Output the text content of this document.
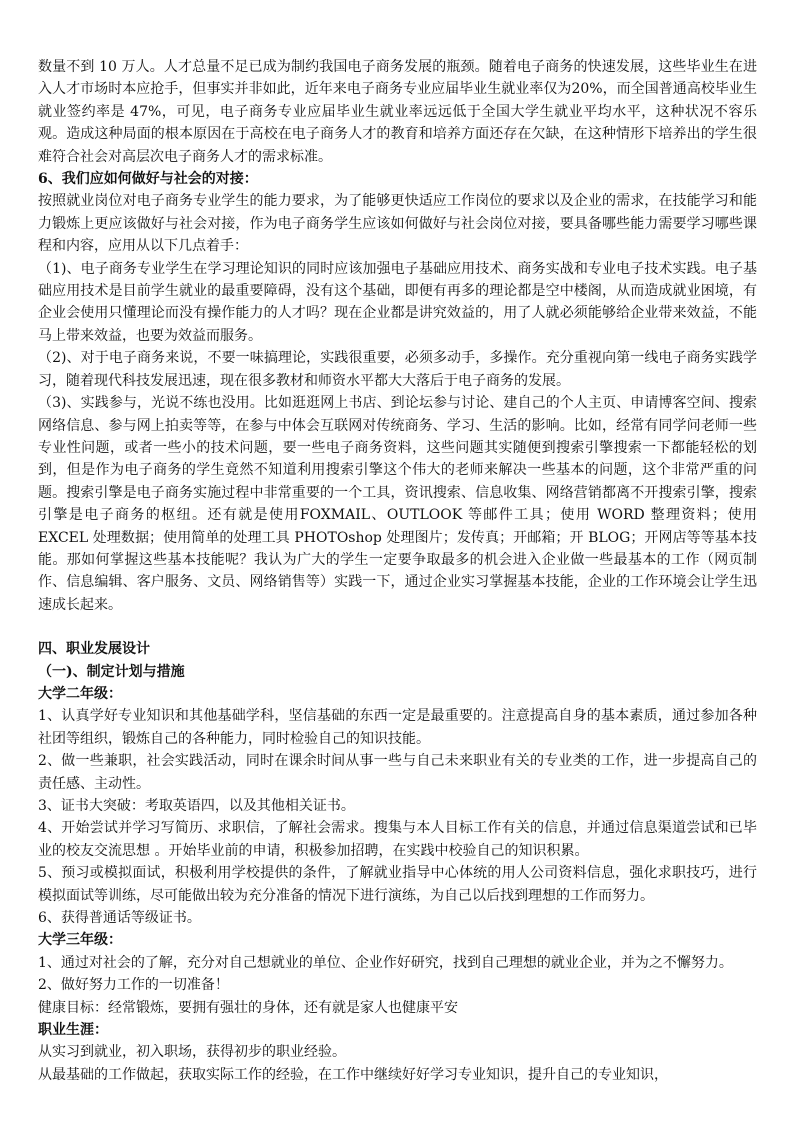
数量不到 10 万人。人才总量不足已成为制约我国电子商务发展的瓶颈。随着电子商务的快速发展，这些毕业生在进入人才市场时本应抢手，但事实并非如此，近年来电子商务专业应届毕业生就业率仅为20%，而全国普通高校毕业生就业签约率是 47%，可见，电子商务专业应届毕业生就业率远远低于全国大学生就业平均水平，这种状况不容乐观。造成这种局面的根本原因在于高校在电子商务人才的教育和培养方面还存在欠缺，在这种情形下培养出的学生很难符合社会对高层次电子商务人才的需求标准。

6、我们应如何做好与社会的对接：

按照就业岗位对电子商务专业学生的能力要求，为了能够更快适应工作岗位的要求以及企业的需求，在技能学习和能力锻炼上更应该做好与社会对接，作为电子商务学生应该如何做好与社会岗位对接，要具备哪些能力需要学习哪些课程和内容，应用从以下几点着手：

（1)、电子商务专业学生在学习理论知识的同时应该加强电子基础应用技术、商务实战和专业电子技术实践。电子基础应用技术是目前学生就业的最重要障碍，没有这个基础，即便有再多的理论都是空中楼阁，从而造成就业困境，有企业会使用只懂理论而没有操作能力的人才吗？现在企业都是讲究效益的，用了人就必须能够给企业带来效益，不能马上带来效益，也要为效益而服务。

（2)、对于电子商务来说，不要一味搞理论，实践很重要，必须多动手，多操作。充分重视向第一线电子商务实践学习，随着现代科技发展迅速，现在很多教材和师资水平都大大落后于电子商务的发展。

（3)、实践参与，光说不练也没用。比如逛逛网上书店、到论坛参与讨论、建自己的个人主页、申请博客空间、搜索网络信息、参与网上拍卖等等，在参与中体会互联网对传统商务、学习、生活的影响。比如，经常有同学问老师一些专业性问题，或者一些小的技术问题，要一些电子商务资料，这些问题其实随便到搜索引擎搜索一下都能轻松的划到，但是作为电子商务的学生竟然不知道利用搜索引擎这个伟大的老师来解决一些基本的问题，这个非常严重的问题。搜索引擎是电子商务实施过程中非常重要的一个工具，资讯搜索、信息收集、网络营销都离不开搜索引擎，搜索引擎是电子商务的枢纽。还有就是使用FOXMAIL、OUTLOOK 等邮件工具；使用 WORD 整理资料；使用 EXCEL 处理数据；使用简单的处理工具 PHOTOshop 处理图片；发传真；开邮箱；开 BLOG；开网店等等基本技能。那如何掌握这些基本技能呢？我认为广大的学生一定要争取最多的机会进入企业做一些最基本的工作（网页制作、信息编辑、客户服务、文员、网络销售等）实践一下，通过企业实习掌握基本技能，企业的工作环境会让学生迅速成长起来。

四、职业发展设计

（一)、制定计划与措施

大学二年级：

1、认真学好专业知识和其他基础学科，坚信基础的东西一定是最重要的。注意提高自身的基本素质，通过参加各种社团等组织，锻炼自己的各种能力，同时检验自己的知识技能。

2、做一些兼职，社会实践活动，同时在课余时间从事一些与自己未来职业有关的专业类的工作，进一步提高自己的责任感、主动性。

3、证书大突破：考取英语四，以及其他相关证书。

4、开始尝试并学习写简历、求职信，了解社会需求。搜集与本人目标工作有关的信息，并通过信息渠道尝试和已毕业的校友交流思想 。开始毕业前的申请，积极参加招聘，在实践中校验自己的知识积累。

5、预习或模拟面试，积极利用学校提供的条件，了解就业指导中心体统的用人公司资料信息，强化求职技巧，进行模拟面试等训练，尽可能做出较为充分准备的情况下进行演练，为自己以后找到理想的工作而努力。

6、获得普通话等级证书。

大学三年级：

1、通过对社会的了解，充分对自己想就业的单位、企业作好研究，找到自己理想的就业企业，并为之不懈努力。

2、做好努力工作的一切准备！

健康目标：经常锻炼，要拥有强壮的身体，还有就是家人也健康平安

职业生涯：

从实习到就业，初入职场，获得初步的职业经验。

从最基础的工作做起，获取实际工作的经验，在工作中继续好好学习专业知识，提升自己的专业知识，
